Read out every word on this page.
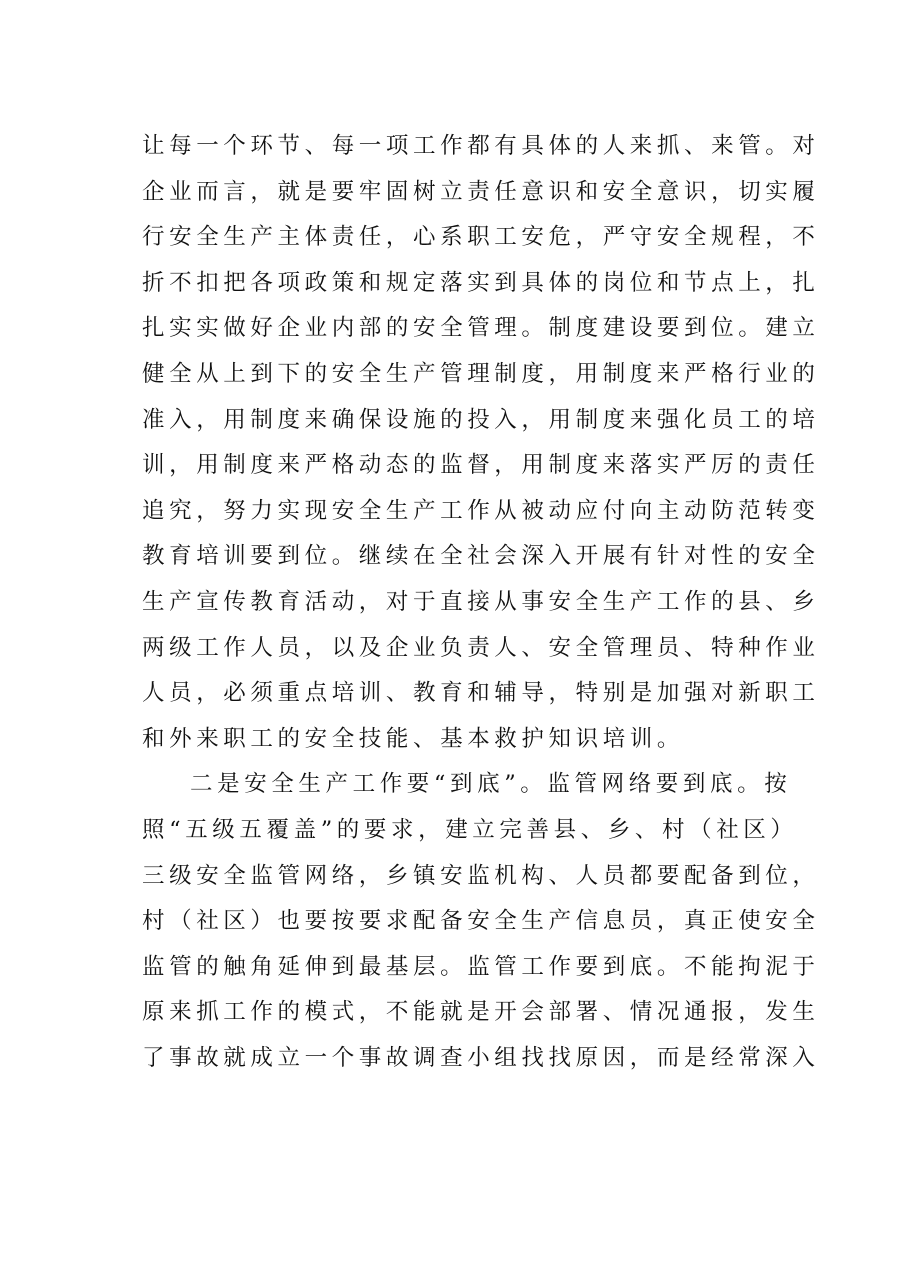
让每一个环节、每一项工作都有具体的人来抓、来管。对
企业而言，就是要牢固树立责任意识和安全意识，切实履
行安全生产主体责任，心系职工安危，严守安全规程，不
折不扣把各项政策和规定落实到具体的岗位和节点上，扎
扎实实做好企业内部的安全管理。制度建设要到位。建立
健全从上到下的安全生产管理制度，用制度来严格行业的
准入，用制度来确保设施的投入，用制度来强化员工的培
训，用制度来严格动态的监督，用制度来落实严厉的责任
追究，努力实现安全生产工作从被动应付向主动防范转变
教育培训要到位。继续在全社会深入开展有针对性的安全
生产宣传教育活动，对于直接从事安全生产工作的县、乡
两级工作人员，以及企业负责人、安全管理员、特种作业
人员，必须重点培训、教育和辅导，特别是加强对新职工
和外来职工的安全技能、基本救护知识培训。
二是安全生产工作要“到底”。监管网络要到底。按
照“五级五覆盖”的要求，建立完善县、乡、村（社区）
三级安全监管网络，乡镇安监机构、人员都要配备到位，
村（社区）也要按要求配备安全生产信息员，真正使安全
监管的触角延伸到最基层。监管工作要到底。不能拘泥于
原来抓工作的模式，不能就是开会部署、情况通报，发生
了事故就成立一个事故调查小组找找原因，而是经常深入
